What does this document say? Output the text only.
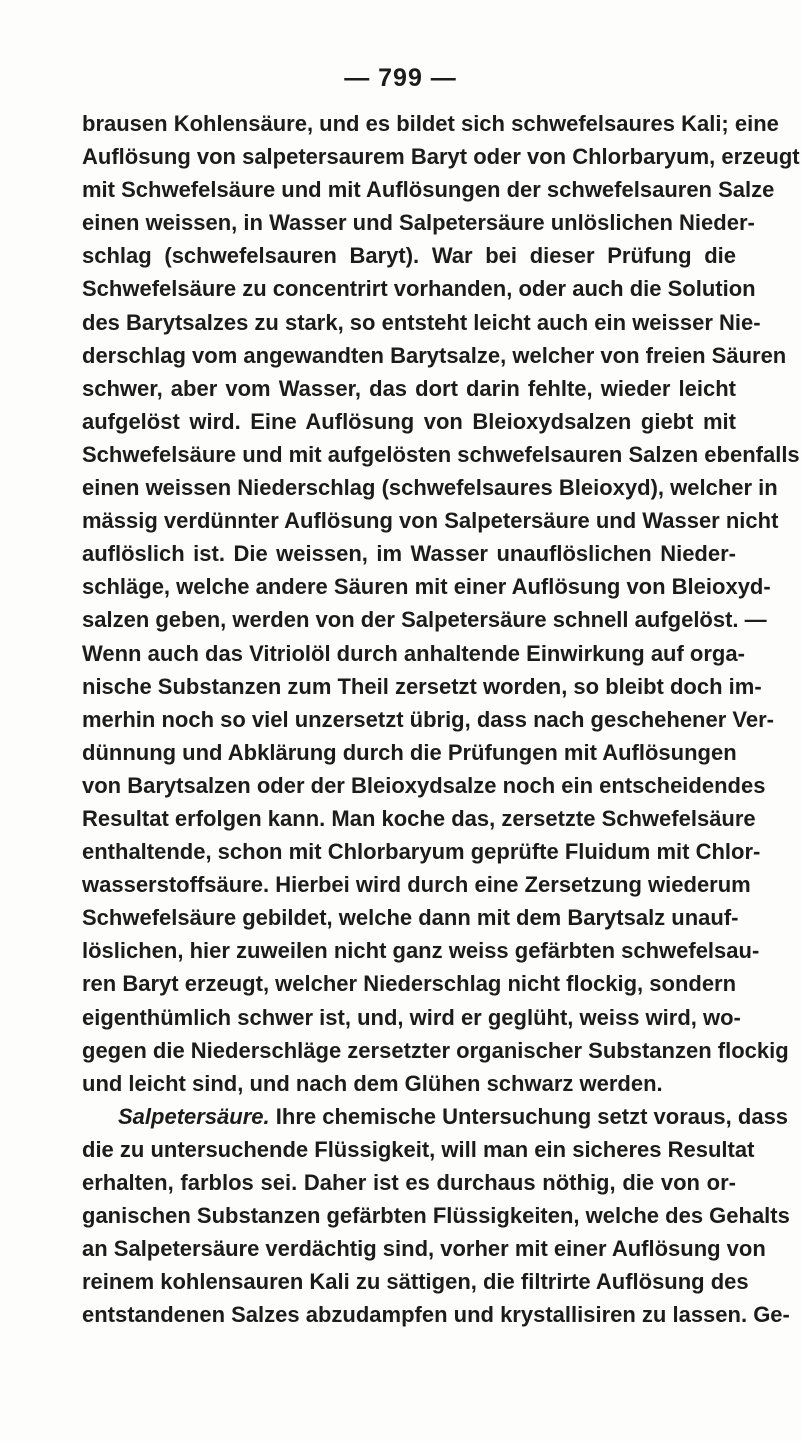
— 799 —
brausen Kohlensäure, und es bildet sich schwefelsaures Kali; eine
Auflösung von salpetersaurem Baryt oder von Chlorbaryum, erzeugt
mit Schwefelsäure und mit Auflösungen der schwefelsauren Salze
einen weissen, in Wasser und Salpetersäure unlöslichen Nieder-
schlag (schwefelsauren Baryt). War bei dieser Prüfung die
Schwefelsäure zu concentrirt vorhanden, oder auch die Solution
des Barytsalzes zu stark, so entsteht leicht auch ein weisser Nie-
derschlag vom angewandten Barytsalze, welcher von freien Säuren
schwer, aber vom Wasser, das dort darin fehlte, wieder leicht
aufgelöst wird. Eine Auflösung von Bleioxydsalzen giebt mit
Schwefelsäure und mit aufgelösten schwefelsauren Salzen ebenfalls
einen weissen Niederschlag (schwefelsaures Bleioxyd), welcher in
mässig verdünnter Auflösung von Salpetersäure und Wasser nicht
auflöslich ist. Die weissen, im Wasser unauflöslichen Nieder-
schläge, welche andere Säuren mit einer Auflösung von Bleioxyd-
salzen geben, werden von der Salpetersäure schnell aufgelöst. —
Wenn auch das Vitriolöl durch anhaltende Einwirkung auf orga-
nische Substanzen zum Theil zersetzt worden, so bleibt doch im-
merhin noch so viel unzersetzt übrig, dass nach geschehener Ver-
dünnung und Abklärung durch die Prüfungen mit Auflösungen
von Barytsalzen oder der Bleioxydsalze noch ein entscheidendes
Resultat erfolgen kann. Man koche das, zersetzte Schwefelsäure
enthaltende, schon mit Chlorbaryum geprüfte Fluidum mit Chlor-
wasserstoffsäure. Hierbei wird durch eine Zersetzung wiederum
Schwefelsäure gebildet, welche dann mit dem Barytsalz unauf-
löslichen, hier zuweilen nicht ganz weiss gefärbten schwefelsau-
ren Baryt erzeugt, welcher Niederschlag nicht flockig, sondern
eigenthümlich schwer ist, und, wird er geglüht, weiss wird, wo-
gegen die Niederschläge zersetzter organischer Substanzen flockig
und leicht sind, und nach dem Glühen schwarz werden.
Salpetersäure. Ihre chemische Untersuchung setzt voraus, dass
die zu untersuchende Flüssigkeit, will man ein sicheres Resultat
erhalten, farblos sei. Daher ist es durchaus nöthig, die von or-
ganischen Substanzen gefärbten Flüssigkeiten, welche des Gehalts
an Salpetersäure verdächtig sind, vorher mit einer Auflösung von
reinem kohlensauren Kali zu sättigen, die filtrirte Auflösung des
entstandenen Salzes abzudampfen und krystallisiren zu lassen. Ge-
